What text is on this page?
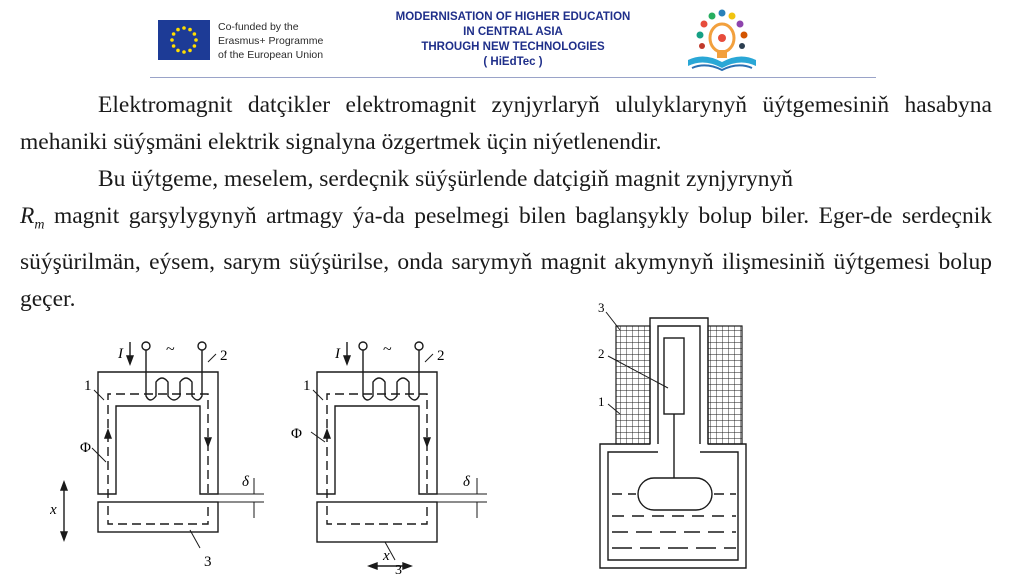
Co-funded by the
Erasmus+ Programme
of the European Union
MODERNISATION OF HIGHER EDUCATION
IN CENTRAL ASIA
THROUGH NEW TECHNOLOGIES
( HiEdTec )
Elektromagnit datçikler elektromagnit zynjyrlaryň ululyklarynyň üýtgemesiniň hasabyna mehaniki süýşmäni elektrik signalyna özgertmek üçin niýetlenendir.
Bu üýtgeme, meselem, serdeçnik süýşürlende datçigiň magnit zynjyrynyň
$R_m$ magnit garşylygynyň artmagy ýa-da peselmegi bilen baglanşykly bolup biler. Eger-de serdeçnik süýşürilmän, eýsem, sarym süýşürilse, onda sarymyň magnit akymynyň ilişmesiniň üýtgemesi bolup geçer.
I	~	2
1
Φ
δ
x
3
I	~	2
1
Φ
δ
x
3
3
2
1
